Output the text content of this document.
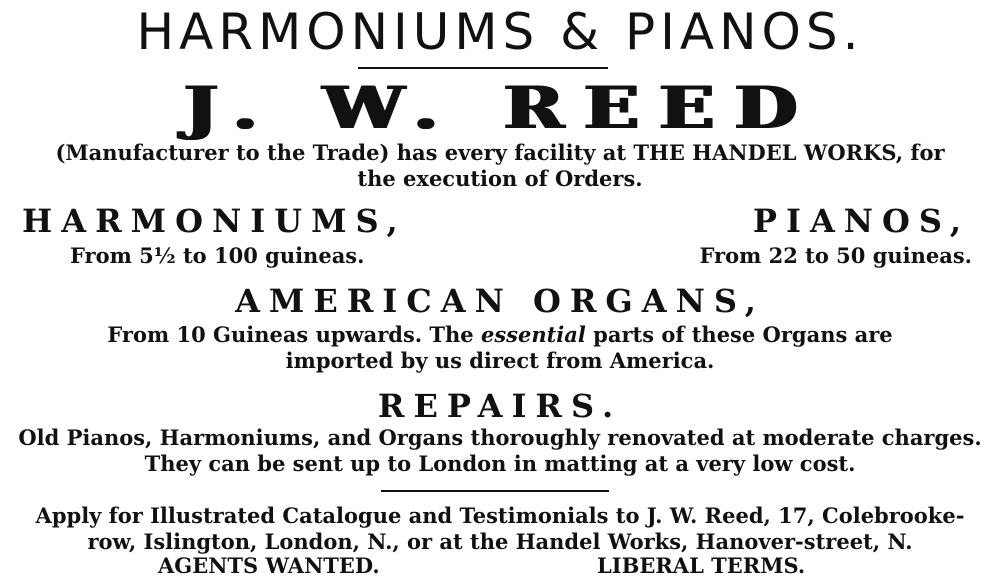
HARMONIUMS & PIANOS.
J. W. REED
(Manufacturer to the Trade) has every facility at THE HANDEL WORKS, for
the execution of Orders.
HARMONIUMS,
From 5½ to 100 guineas.
PIANOS,
From 22 to 50 guineas.
AMERICAN ORGANS,
From 10 Guineas upwards. The essential parts of these Organs are
imported by us direct from America.
REPAIRS.
Old Pianos, Harmoniums, and Organs thoroughly renovated at moderate charges.
They can be sent up to London in matting at a very low cost.
Apply for Illustrated Catalogue and Testimonials to J. W. Reed, 17, Colebrooke-
row, Islington, London, N., or at the Handel Works, Hanover-street, N.
AGENTS WANTED.	LIBERAL TERMS.
